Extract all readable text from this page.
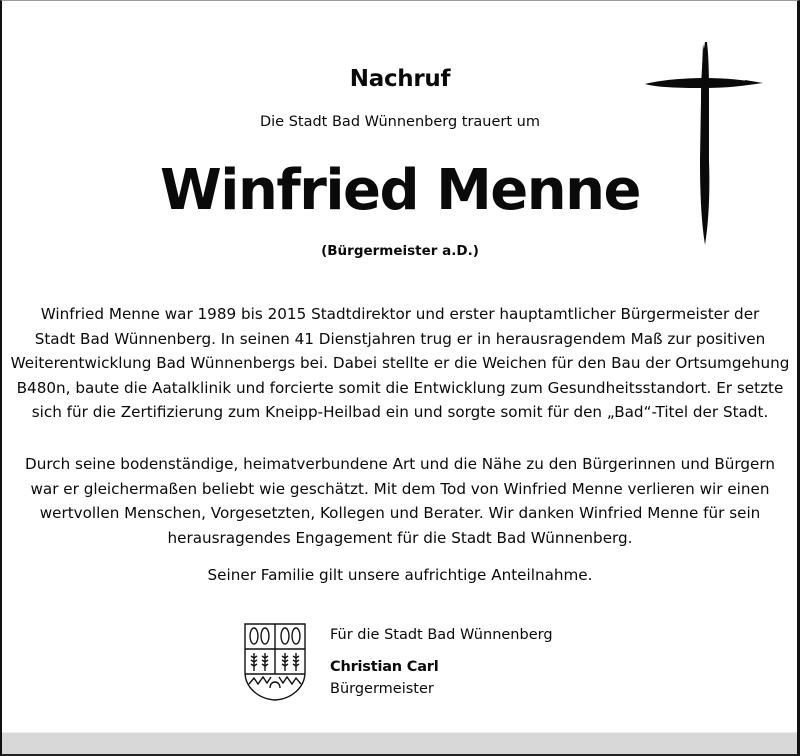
Nachruf
Die Stadt Bad Wünnenberg trauert um
Winfried Menne
(Bürgermeister a.D.)
Winfried Menne war 1989 bis 2015 Stadtdirektor und erster hauptamtlicher Bürgermeister der
Stadt Bad Wünnenberg. In seinen 41 Dienstjahren trug er in herausragendem Maß zur positiven
Weiterentwicklung Bad Wünnenbergs bei. Dabei stellte er die Weichen für den Bau der Ortsumgehung
B480n, baute die Aatalklinik und forcierte somit die Entwicklung zum Gesundheitsstandort. Er setzte
sich für die Zertifizierung zum Kneipp-Heilbad ein und sorgte somit für den „Bad“-Titel der Stadt.
Durch seine bodenständige, heimatverbundene Art und die Nähe zu den Bürgerinnen und Bürgern
war er gleichermaßen beliebt wie geschätzt. Mit dem Tod von Winfried Menne verlieren wir einen
wertvollen Menschen, Vorgesetzten, Kollegen und Berater. Wir danken Winfried Menne für sein
herausragendes Engagement für die Stadt Bad Wünnenberg.
Seiner Familie gilt unsere aufrichtige Anteilnahme.
Für die Stadt Bad Wünnenberg
Christian Carl
Bürgermeister
